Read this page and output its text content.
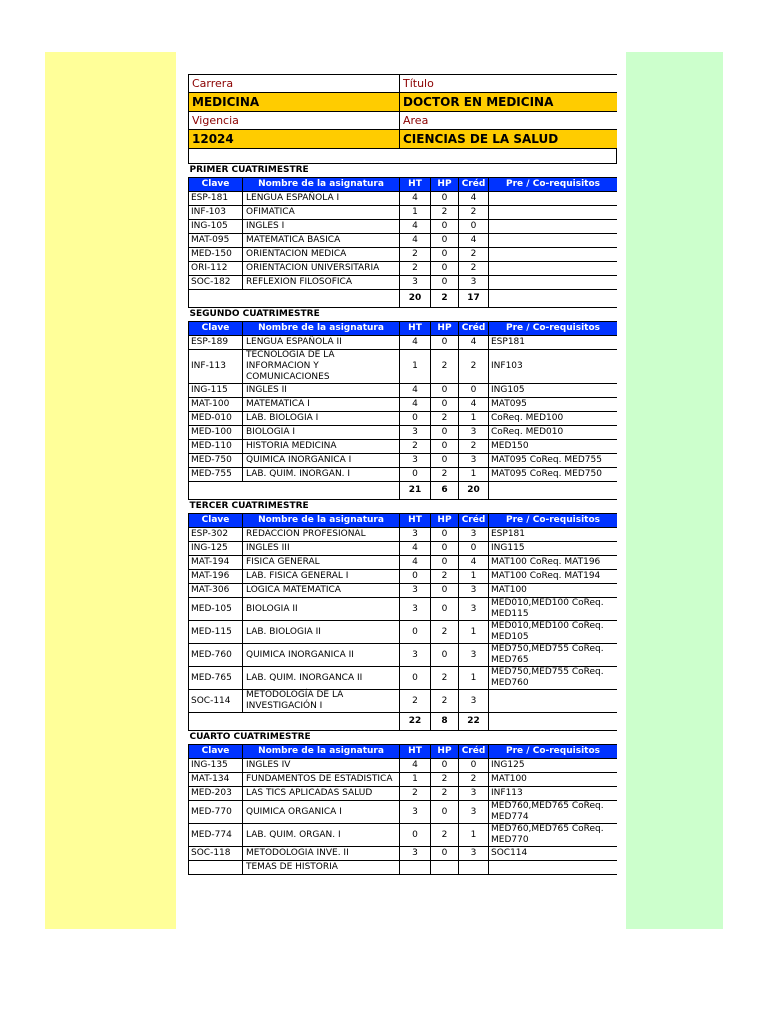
Carrera	Título
MEDICINA	DOCTOR EN MEDICINA
Vigencia	Area
12024	CIENCIAS DE LA SALUD
PRIMER CUATRIMESTRE					
Clave	Nombre de la asignatura	HT	HP	Créd	Pre / Co-requisitos
ESP-181	LENGUA ESPAÑOLA I	4	0	4	
INF-103	OFIMATICA	1	2	2	
ING-105	INGLES I	4	0	0	
MAT-095	MATEMATICA BASICA	4	0	4	
MED-150	ORIENTACION MEDICA	2	0	2	
ORI-112	ORIENTACION UNIVERSITARIA	2	0	2	
SOC-182	REFLEXION FILOSOFICA	3	0	3	
		20	2	17	
SEGUNDO CUATRIMESTRE					
Clave	Nombre de la asignatura	HT	HP	Créd	Pre / Co-requisitos
ESP-189	LENGUA ESPAÑOLA II	4	0	4	ESP181
INF-113	TECNOLOGIA DE LA INFORMACION Y COMUNICACIONES	1	2	2	INF103
ING-115	INGLES II	4	0	0	ING105
MAT-100	MATEMATICA I	4	0	4	MAT095
MED-010	LAB. BIOLOGIA I	0	2	1	CoReq. MED100
MED-100	BIOLOGIA I	3	0	3	CoReq. MED010
MED-110	HISTORIA MEDICINA	2	0	2	MED150
MED-750	QUIMICA INORGANICA I	3	0	3	MAT095 CoReq. MED755
MED-755	LAB. QUIM. INORGAN. I	0	2	1	MAT095 CoReq. MED750
		21	6	20	
TERCER CUATRIMESTRE					
Clave	Nombre de la asignatura	HT	HP	Créd	Pre / Co-requisitos
ESP-302	REDACCION PROFESIONAL	3	0	3	ESP181
ING-125	INGLES III	4	0	0	ING115
MAT-194	FISICA GENERAL	4	0	4	MAT100 CoReq. MAT196
MAT-196	LAB. FISICA GENERAL I	0	2	1	MAT100 CoReq. MAT194
MAT-306	LOGICA MATEMATICA	3	0	3	MAT100
MED-105	BIOLOGIA II	3	0	3	MED010,MED100 CoReq. MED115
MED-115	LAB. BIOLOGIA II	0	2	1	MED010,MED100 CoReq. MED105
MED-760	QUIMICA INORGANICA II	3	0	3	MED750,MED755 CoReq. MED765
MED-765	LAB. QUIM. INORGANCA II	0	2	1	MED750,MED755 CoReq. MED760
SOC-114	METODOLOGÍA DE LA INVESTIGACIÓN I	2	2	3	
		22	8	22	
CUARTO CUATRIMESTRE					
Clave	Nombre de la asignatura	HT	HP	Créd	Pre / Co-requisitos
ING-135	INGLES IV	4	0	0	ING125
MAT-134	FUNDAMENTOS DE ESTADISTICA	1	2	2	MAT100
MED-203	LAS TICS APLICADAS SALUD	2	2	3	INF113
MED-770	QUIMICA ORGANICA I	3	0	3	MED760,MED765 CoReq. MED774
MED-774	LAB. QUIM. ORGAN. I	0	2	1	MED760,MED765 CoReq. MED770
SOC-118	METODOLOGIA INVE. II	3	0	3	SOC114
	TEMAS DE HISTORIA				
